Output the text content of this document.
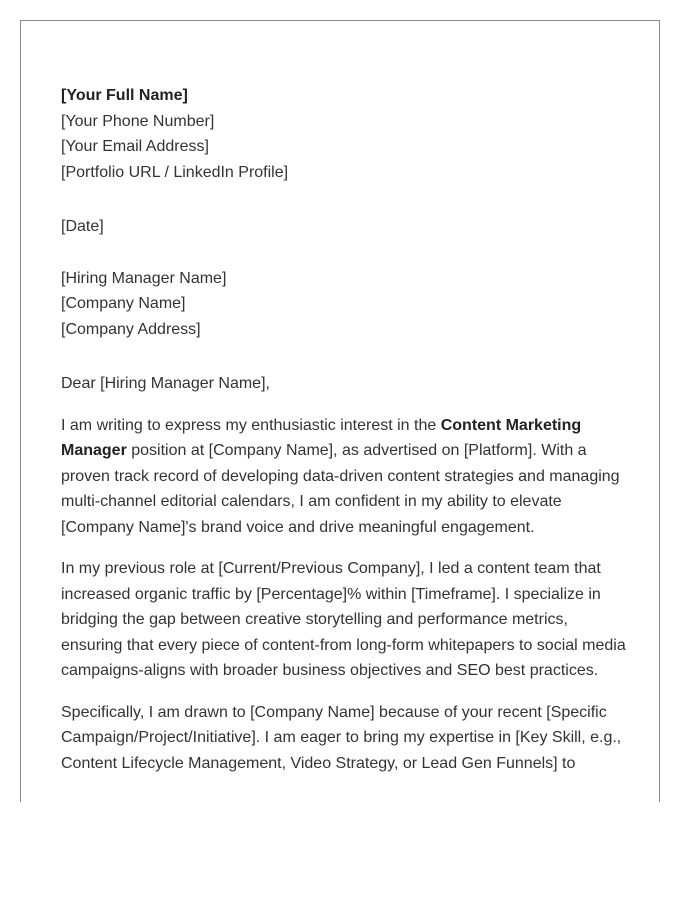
[Your Full Name]
[Your Phone Number]
[Your Email Address]
[Portfolio URL / LinkedIn Profile]
[Date]
[Hiring Manager Name]
[Company Name]
[Company Address]
Dear [Hiring Manager Name],

I am writing to express my enthusiastic interest in the Content Marketing Manager position at [Company Name], as advertised on [Platform]. With a proven track record of developing data-driven content strategies and managing multi-channel editorial calendars, I am confident in my ability to elevate [Company Name]'s brand voice and drive meaningful engagement.

In my previous role at [Current/Previous Company], I led a content team that increased organic traffic by [Percentage]% within [Timeframe]. I specialize in bridging the gap between creative storytelling and performance metrics, ensuring that every piece of content-from long-form whitepapers to social media campaigns-aligns with broader business objectives and SEO best practices.

Specifically, I am drawn to [Company Name] because of your recent [Specific Campaign/Project/Initiative]. I am eager to bring my expertise in [Key Skill, e.g., Content Lifecycle Management, Video Strategy, or Lead Gen Funnels] to
